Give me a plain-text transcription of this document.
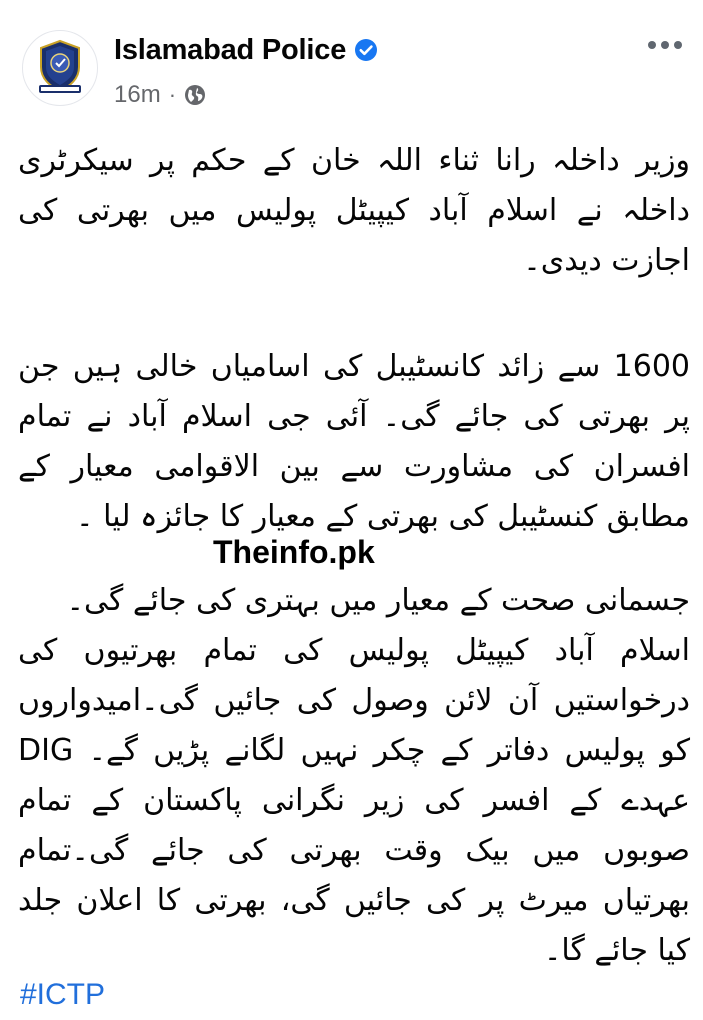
Islamabad Police
16m ·

وزیر داخلہ رانا ثناء اللہ خان کے حکم پر سیکرٹری داخلہ نے اسلام آباد کیپیٹل پولیس میں بھرتی کی اجازت دیدی۔

1600 سے زائد کانسٹیبل کی اسامیاں خالی ہیں جن پر بھرتی کی جائے گی۔ آئی جی اسلام آباد نے تمام افسران کی مشاورت سے بین الاقوامی معیار کے مطابق کنسٹیبل کی بھرتی کے معیار کا جائزہ لیا ۔

جسمانی صحت کے معیار میں بہتری کی جائے گی۔

اسلام آباد کیپیٹل پولیس کی تمام بھرتیوں کی درخواستیں آن لائن وصول کی جائیں گی۔امیدواروں کو پولیس دفاتر کے چکر نہیں لگانے پڑیں گے۔ DIG عہدے کے افسر کی زیر نگرانی پاکستان کے تمام صوبوں میں بیک وقت بھرتی کی جائے گی۔تمام بھرتیاں میرٹ پر کی جائیں گی، بھرتی کا اعلان جلد کیا جائے گا۔

Theinfo.pk
#ICTP
